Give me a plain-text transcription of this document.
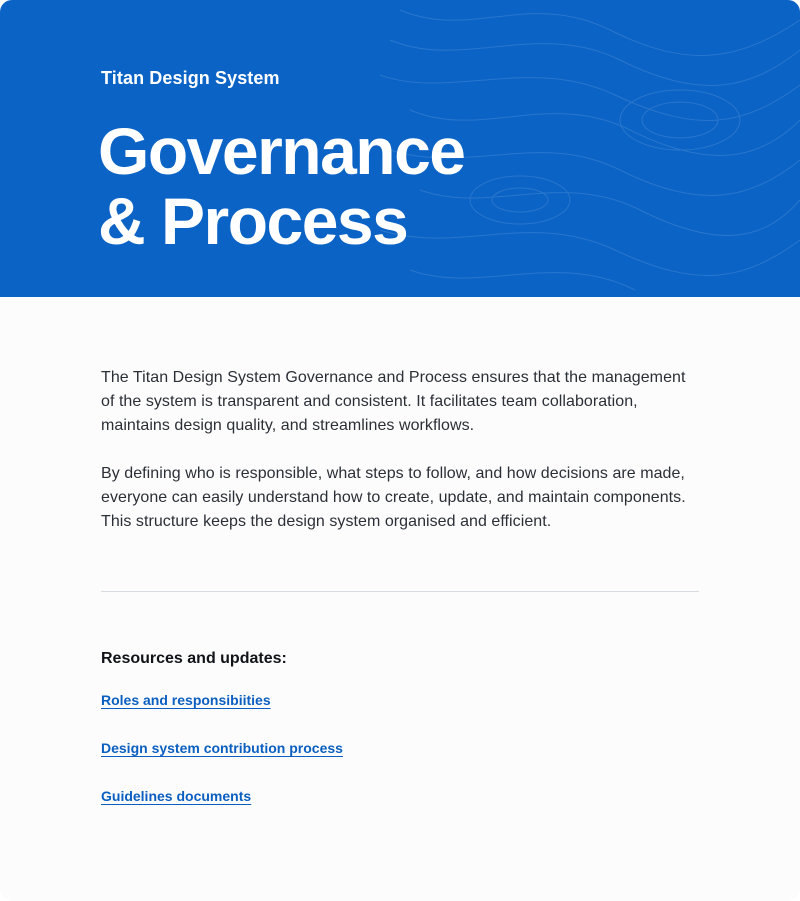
Titan Design System

Governance
& Process

The Titan Design System Governance and Process ensures that the management of the system is transparent and consistent. It facilitates team collaboration, maintains design quality, and streamlines workflows.

By defining who is responsible, what steps to follow, and how decisions are made, everyone can easily understand how to create, update, and maintain components. This structure keeps the design system organised and efficient.

Resources and updates:
Roles and responsibiities
Design system contribution process
Guidelines documents
